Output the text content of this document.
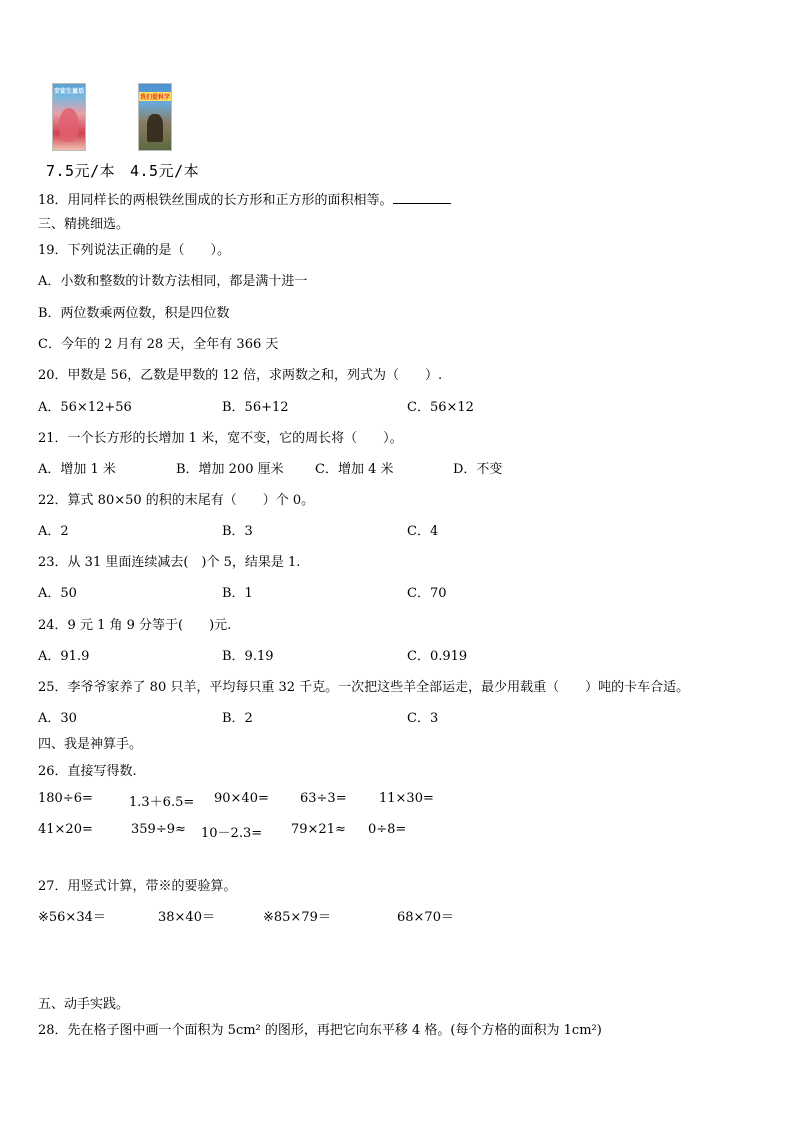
安徒生童话
我们爱科学
7.5元/本 4.5元/本
18．用同样长的两根铁丝围成的长方形和正方形的面积相等。
三、精挑细选。
19．下列说法正确的是（　　）。
A．小数和整数的计数方法相同，都是满十进一
B．两位数乘两位数，积是四位数
C．今年的 2 月有 28 天，全年有 366 天
20．甲数是 56，乙数是甲数的 12 倍，求两数之和，列式为（　　）.
A．56×12+56	B．56+12	C．56×12
21．一个长方形的长增加 1 米，宽不变，它的周长将（　　）。
A．增加 1 米	B．增加 200 厘米 C．增加 4 米	D．不变
22．算式 80×50 的积的末尾有（　　）个 0。
A．2	B．3	C．4
23．从 31 里面连续减去(　)个 5，结果是 1.
A．50	B．1	C．70
24．9 元 1 角 9 分等于(　　)元.
A．91.9	B．9.19	C．0.919
25．李爷爷家养了 80 只羊，平均每只重 32 千克。一次把这些羊全部运走，最少用载重（　　）吨的卡车合适。
A．30	B．2	C．3
四、我是神算手。
26．直接写得数.
180÷6=	1.3＋6.5= 90×40= 63÷3= 11×30=
41×20=	359÷9≈ 10－2.3= 79×21≈ 0÷8=
27．用竖式计算，带※的要验算。
※56×34＝	38×40＝	※85×79＝	68×70＝
五、动手实践。
28．先在格子图中画一个面积为 5cm² 的图形，再把它向东平移 4 格。(每个方格的面积为 1cm²)
